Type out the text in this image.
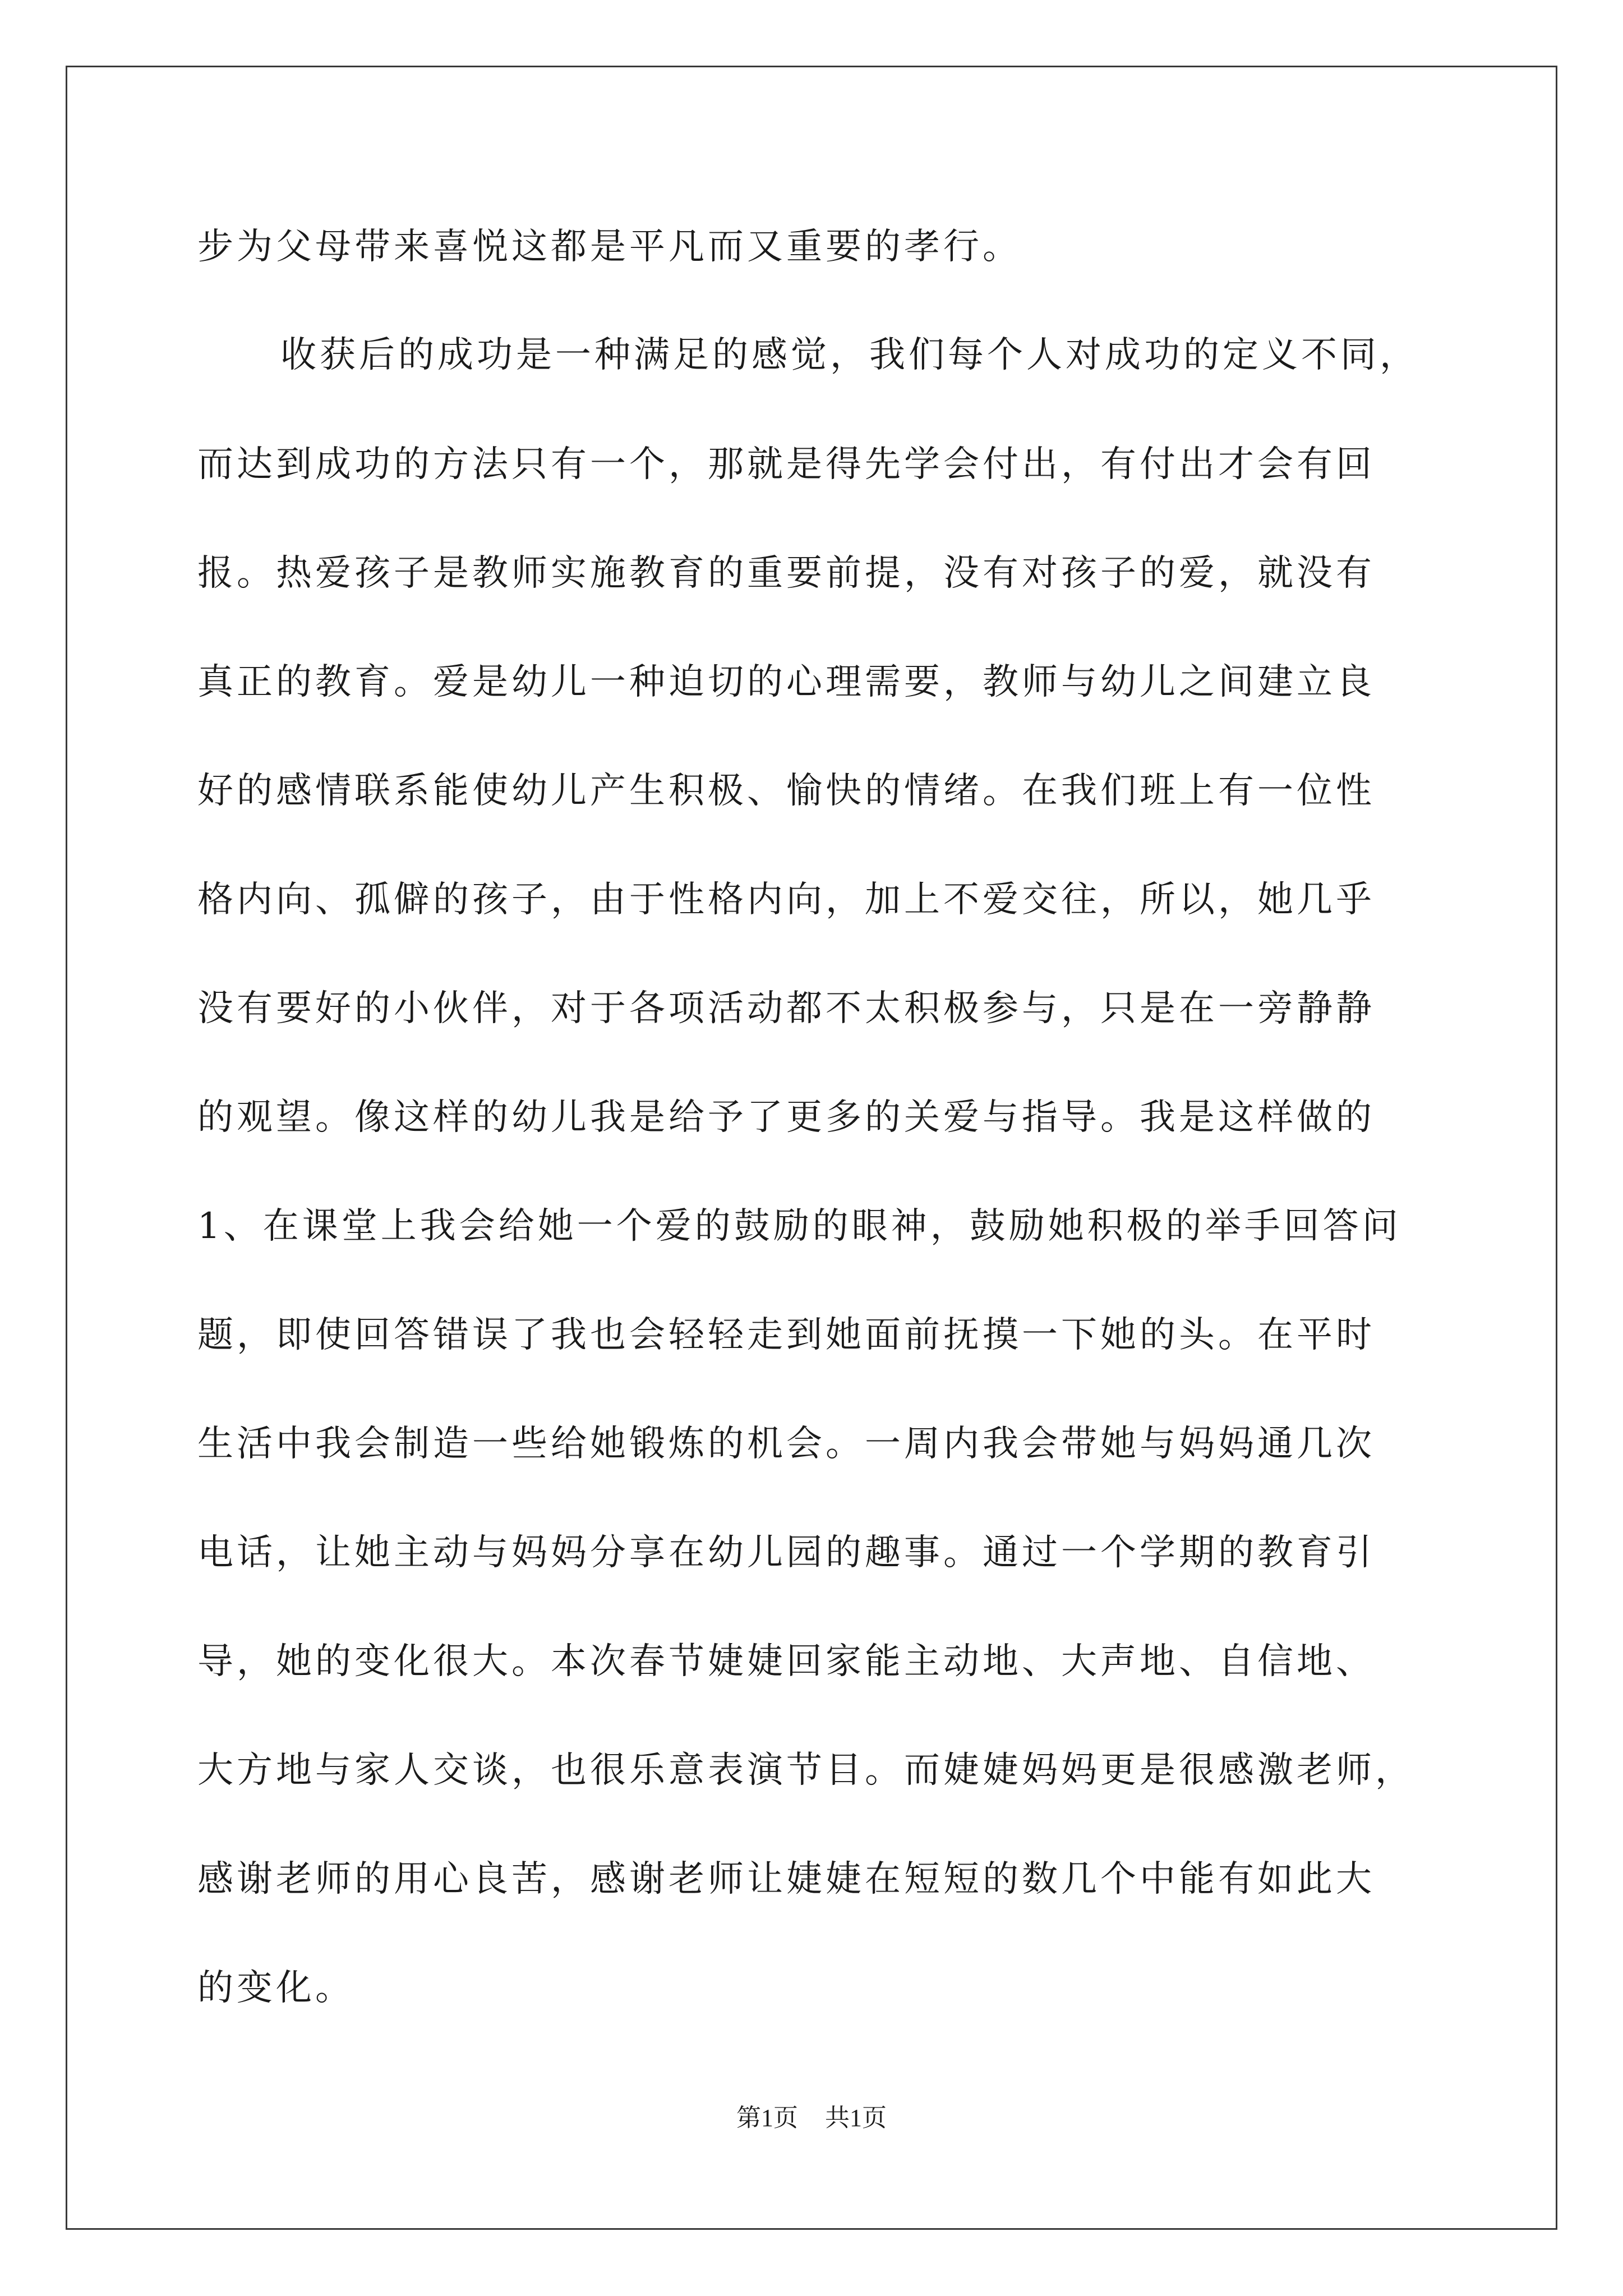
步为父母带来喜悦这都是平凡而又重要的孝行。
收获后的成功是一种满足的感觉，我们每个人对成功的定义不同，
而达到成功的方法只有一个，那就是得先学会付出，有付出才会有回
报。热爱孩子是教师实施教育的重要前提，没有对孩子的爱，就没有
真正的教育。爱是幼儿一种迫切的心理需要，教师与幼儿之间建立良
好的感情联系能使幼儿产生积极、愉快的情绪。在我们班上有一位性
格内向、孤僻的孩子，由于性格内向，加上不爱交往，所以，她几乎
没有要好的小伙伴，对于各项活动都不太积极参与，只是在一旁静静
的观望。像这样的幼儿我是给予了更多的关爱与指导。我是这样做的
1、在课堂上我会给她一个爱的鼓励的眼神，鼓励她积极的举手回答问
题，即使回答错误了我也会轻轻走到她面前抚摸一下她的头。在平时
生活中我会制造一些给她锻炼的机会。一周内我会带她与妈妈通几次
电话，让她主动与妈妈分享在幼儿园的趣事。通过一个学期的教育引
导，她的变化很大。本次春节婕婕回家能主动地、大声地、自信地、
大方地与家人交谈，也很乐意表演节目。而婕婕妈妈更是很感激老师，
感谢老师的用心良苦，感谢老师让婕婕在短短的数几个中能有如此大
的变化。
第1页 共1页
